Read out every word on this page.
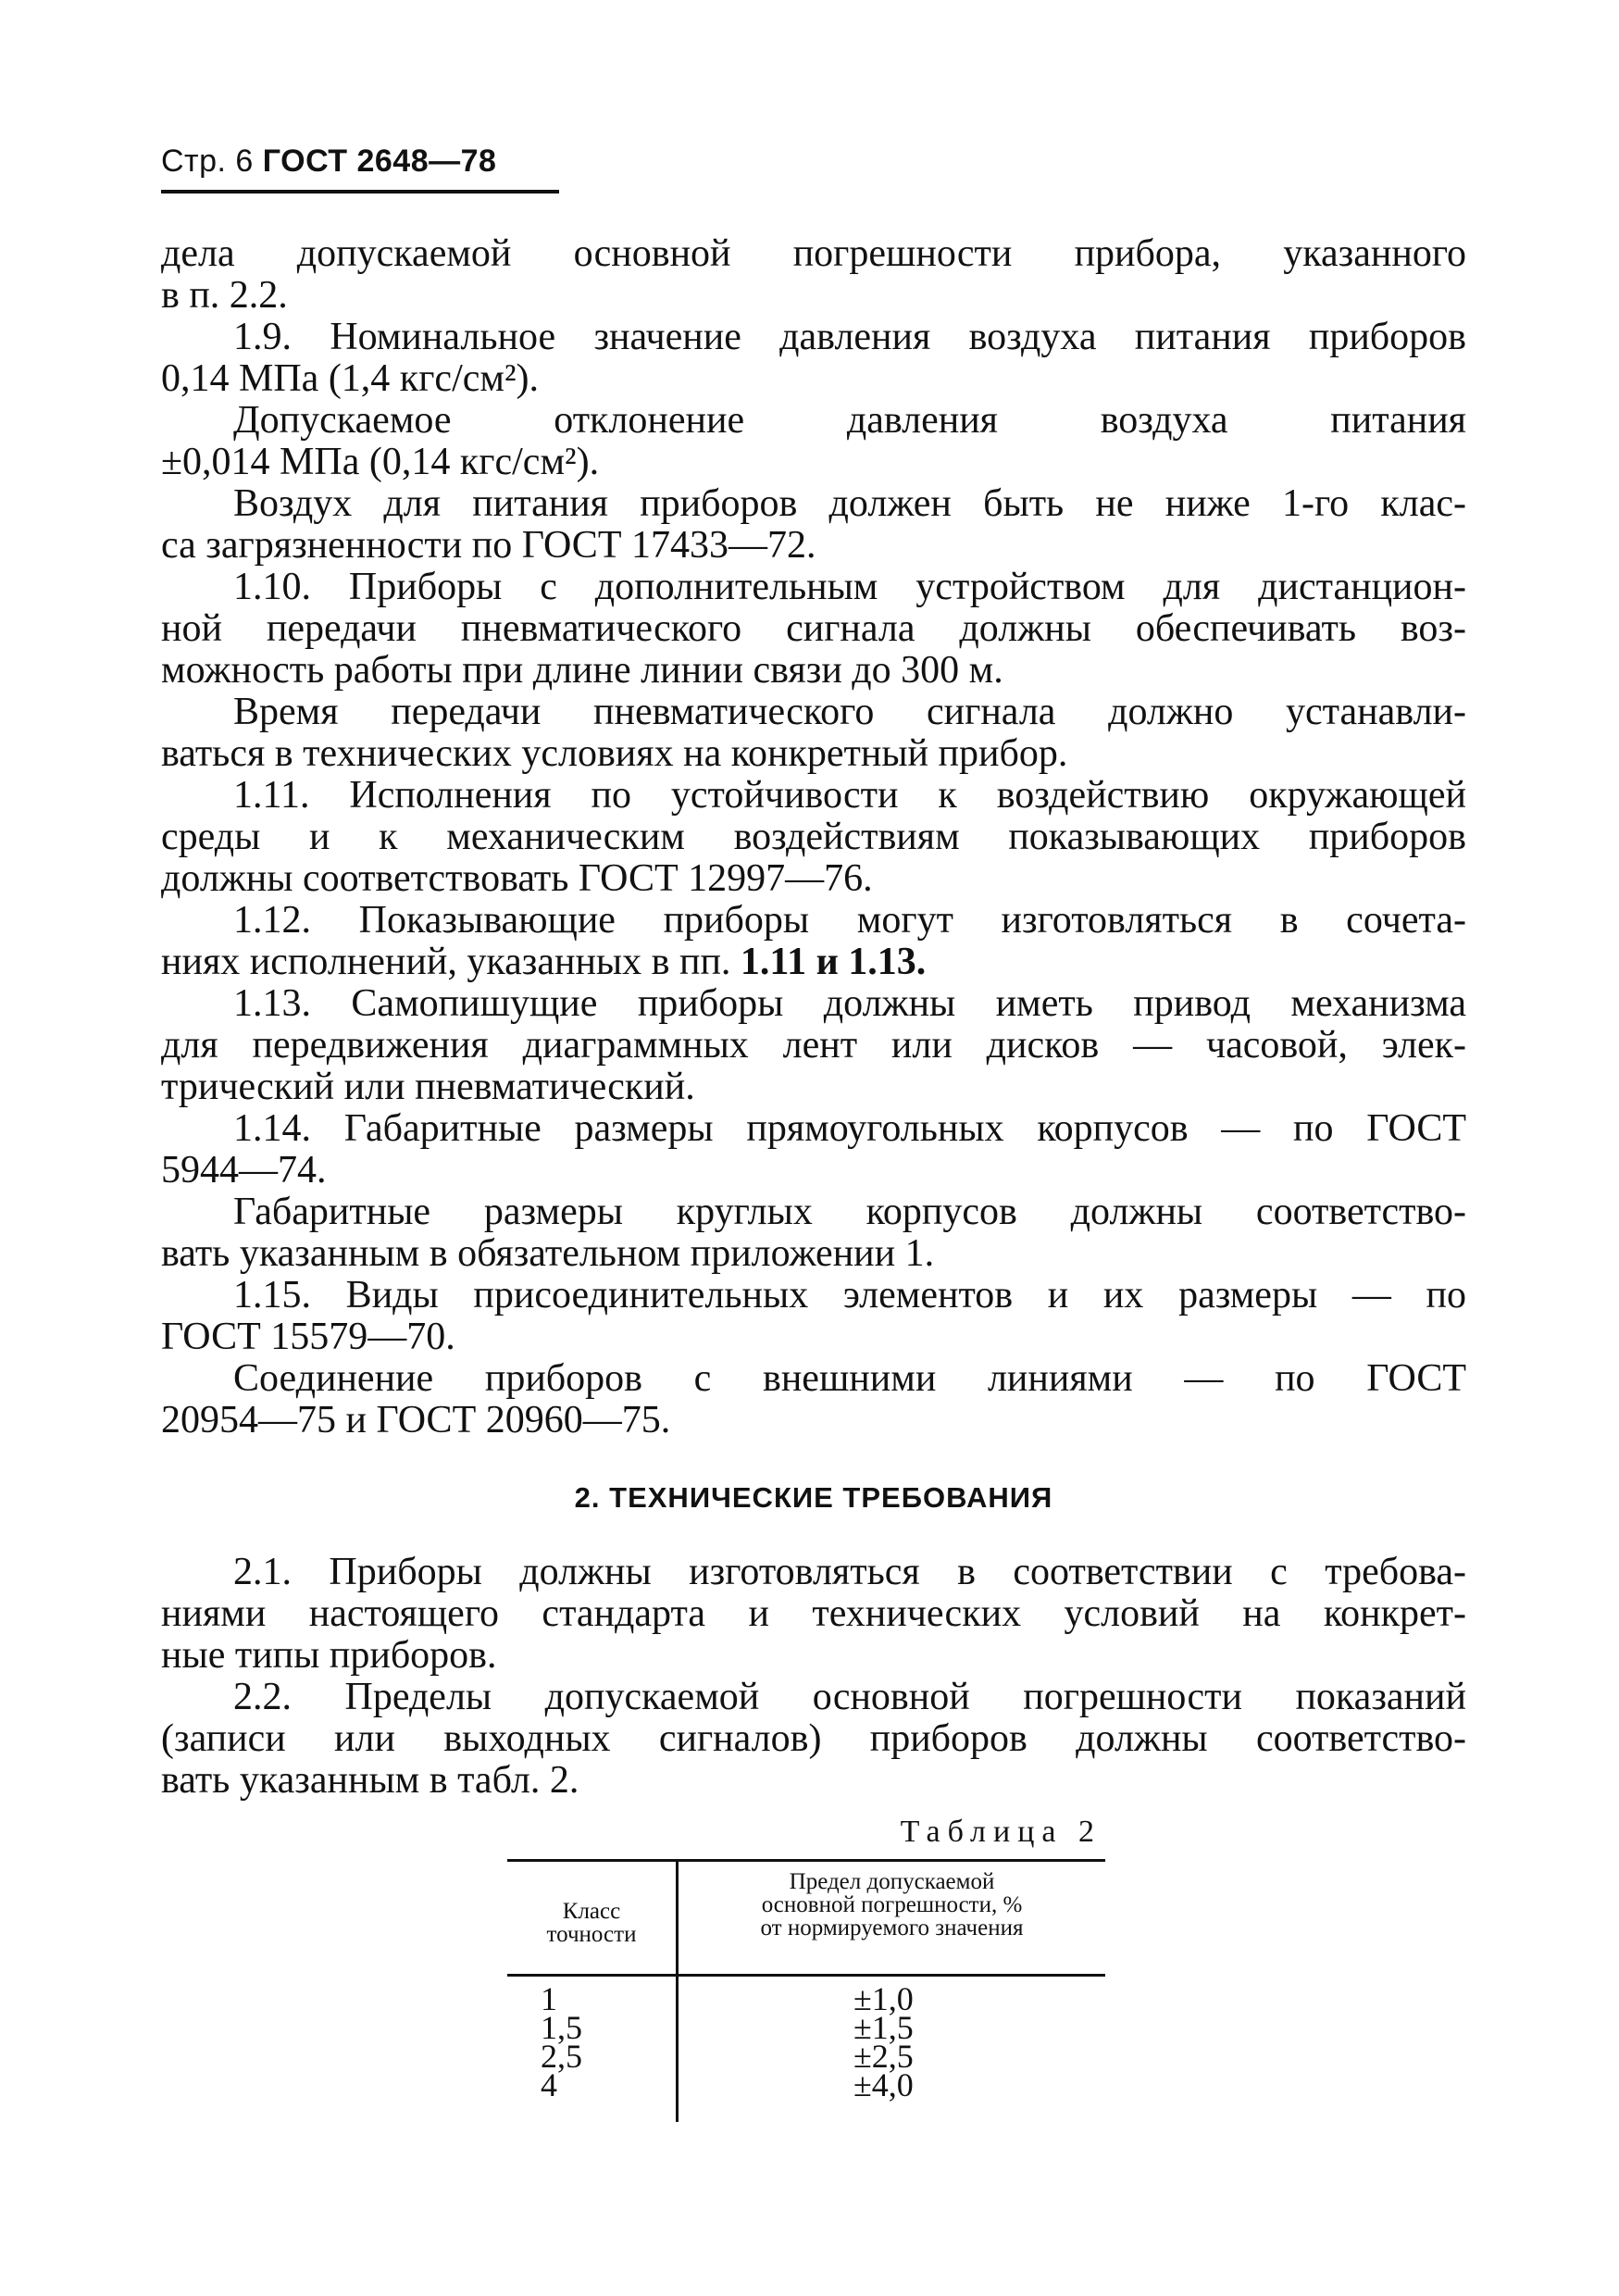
Стр. 6 ГОСТ 2648—78

дела допускаемой основной погрешности прибора, указанного
в п. 2.2.

1.9. Номинальное значение давления воздуха питания приборов
0,14 МПа (1,4 кгс/см²).

Допускаемое отклонение давления воздуха питания
±0,014 МПа (0,14 кгс/см²).

Воздух для питания приборов должен быть не ниже 1-го клас-
са загрязненности по ГОСТ 17433—72.

1.10. Приборы с дополнительным устройством для дистанцион-
ной передачи пневматического сигнала должны обеспечивать воз-
можность работы при длине линии связи до 300 м.

Время передачи пневматического сигнала должно устанавли-
ваться в технических условиях на конкретный прибор.

1.11. Исполнения по устойчивости к воздействию окружающей
среды и к механическим воздействиям показывающих приборов
должны соответствовать ГОСТ 12997—76.

1.12. Показывающие приборы могут изготовляться в сочета-
ниях исполнений, указанных в пп. 1.11 и 1.13.

1.13. Самопишущие приборы должны иметь привод механизма
для передвижения диаграммных лент или дисков — часовой, элек-
трический или пневматический.

1.14. Габаритные размеры прямоугольных корпусов — по ГОСТ
5944—74.

Габаритные размеры круглых корпусов должны соответство-
вать указанным в обязательном приложении 1.

1.15. Виды присоединительных элементов и их размеры — по
ГОСТ 15579—70.

Соединение приборов с внешними линиями — по ГОСТ
20954—75 и ГОСТ 20960—75.

2. ТЕХНИЧЕСКИЕ ТРЕБОВАНИЯ

2.1. Приборы должны изготовляться в соответствии с требова-
ниями настоящего стандарта и технических условий на конкрет-
ные типы приборов.

2.2. Пределы допускаемой основной погрешности показаний
(записи или выходных сигналов) приборов должны соответство-
вать указанным в табл. 2.

Таблица 2
Класс
точности
Предел допускаемой
основной погрешности, %
от нормируемого значения
1
1,5
2,5
4
±1,0
±1,5
±2,5
±4,0
